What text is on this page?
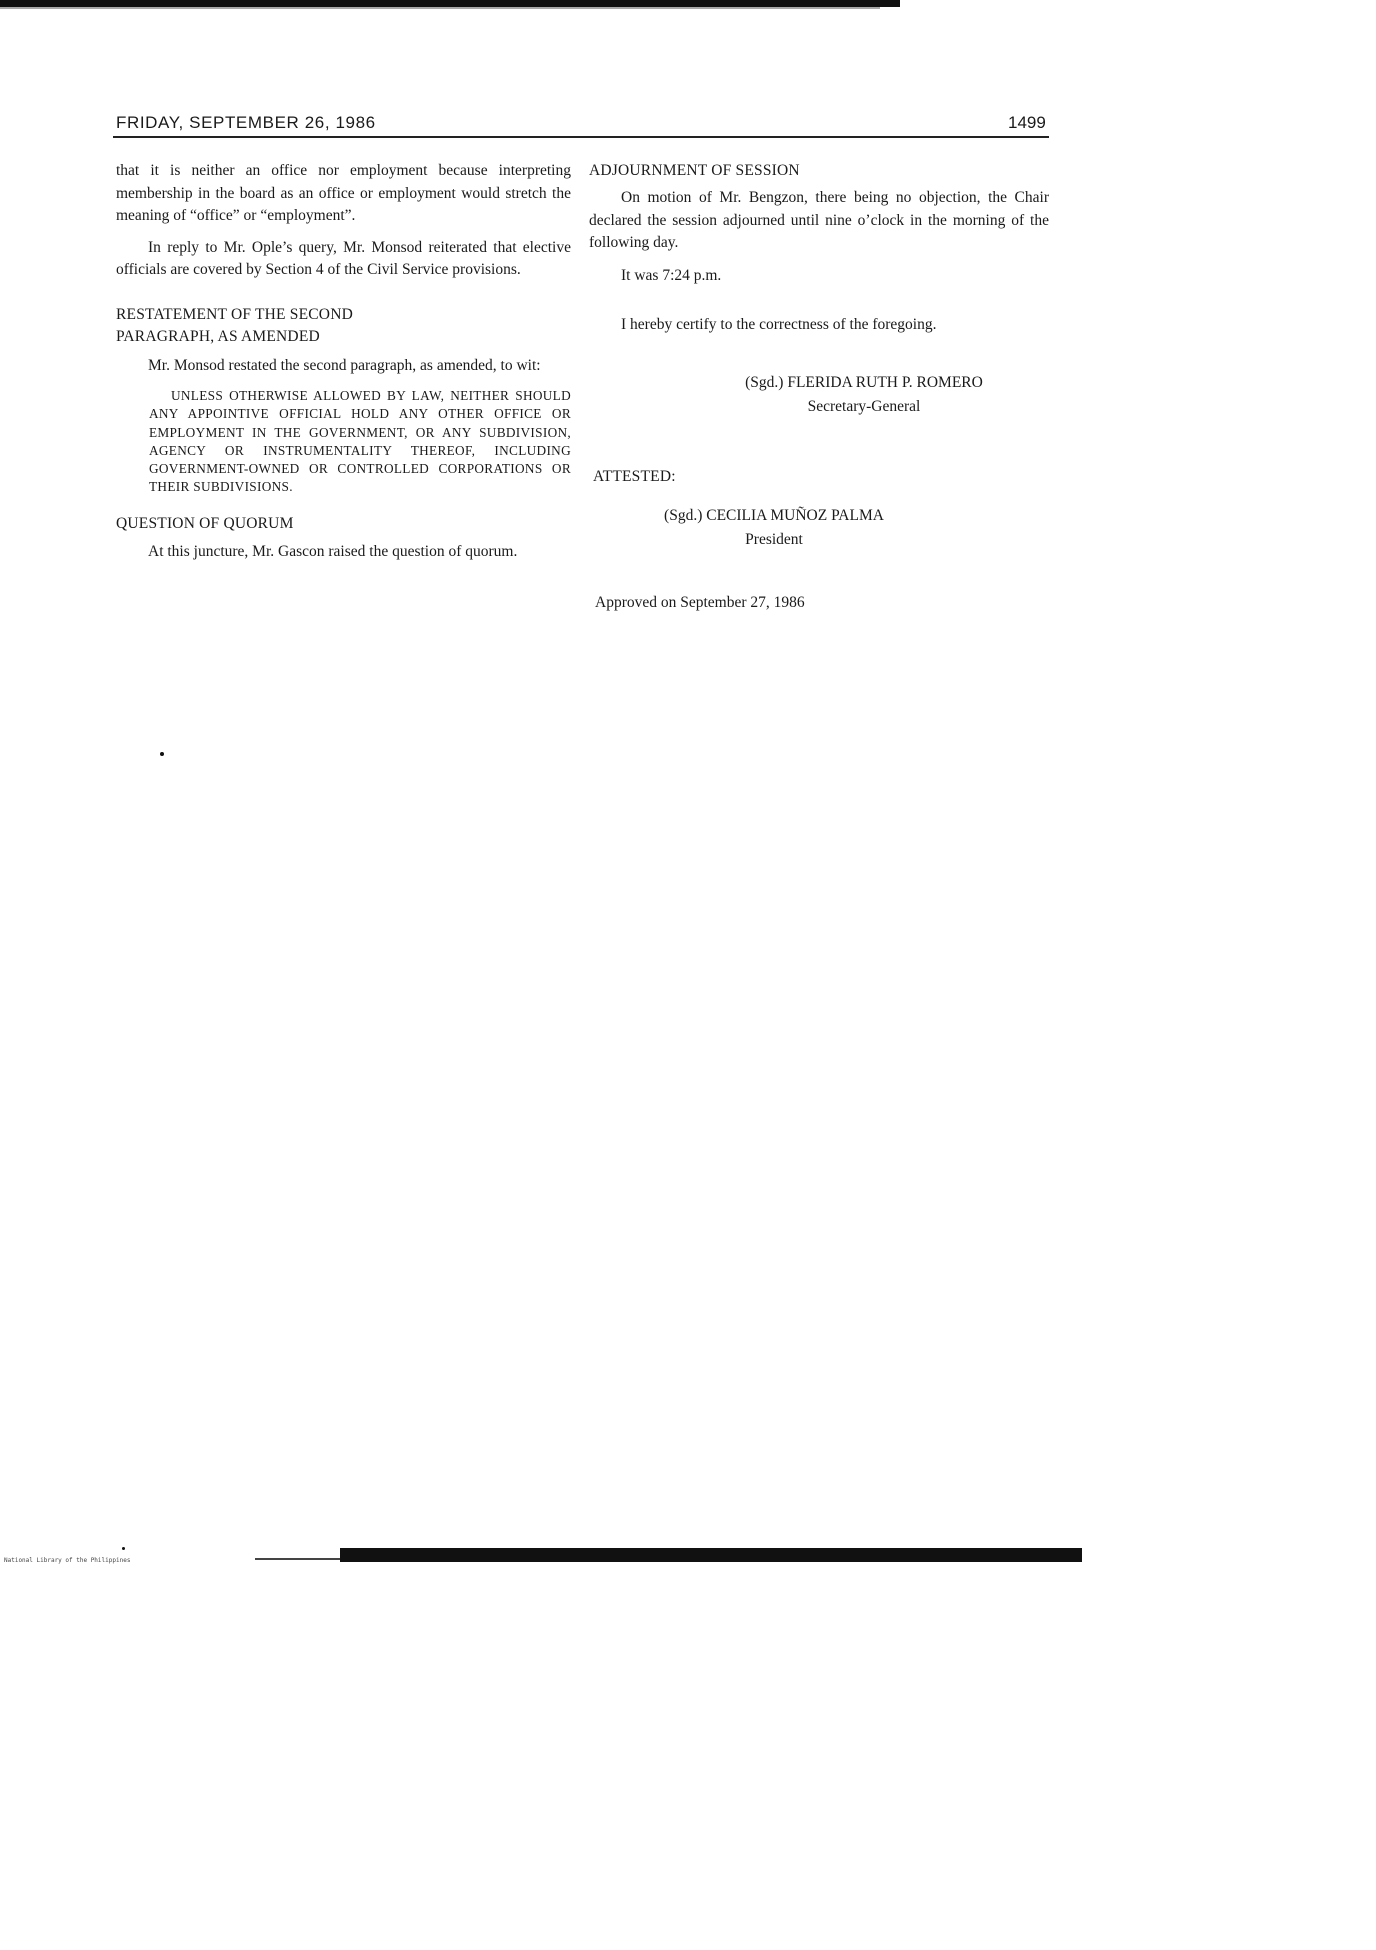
FRIDAY, SEPTEMBER 26, 1986	1499

that it is neither an office nor employment because interpreting membership in the board as an office or employment would stretch the meaning of “office” or “employment”.

In reply to Mr. Ople’s query, Mr. Monsod reiterated that elective officials are covered by Section 4 of the Civil Service provisions.

RESTATEMENT OF THE SECOND
PARAGRAPH, AS AMENDED

Mr. Monsod restated the second paragraph, as amended, to wit:

UNLESS OTHERWISE ALLOWED BY LAW, NEITHER SHOULD ANY APPOINTIVE OFFICIAL HOLD ANY OTHER OFFICE OR EMPLOYMENT IN THE GOVERNMENT, OR ANY SUBDIVISION, AGENCY OR INSTRUMENTALITY THEREOF, INCLUDING GOVERNMENT-OWNED OR CONTROLLED CORPORATIONS OR THEIR SUBDIVISIONS.

QUESTION OF QUORUM

At this juncture, Mr. Gascon raised the question of quorum.

ADJOURNMENT OF SESSION

On motion of Mr. Bengzon, there being no objection, the Chair declared the session adjourned until nine o’clock in the morning of the following day.

It was 7:24 p.m.

I hereby certify to the correctness of the foregoing.

(Sgd.) FLERIDA RUTH P. ROMERO
Secretary-General
ATTESTED:
(Sgd.) CECILIA MUÑOZ PALMA
President
Approved on September 27, 1986
National Library of the Philippines
